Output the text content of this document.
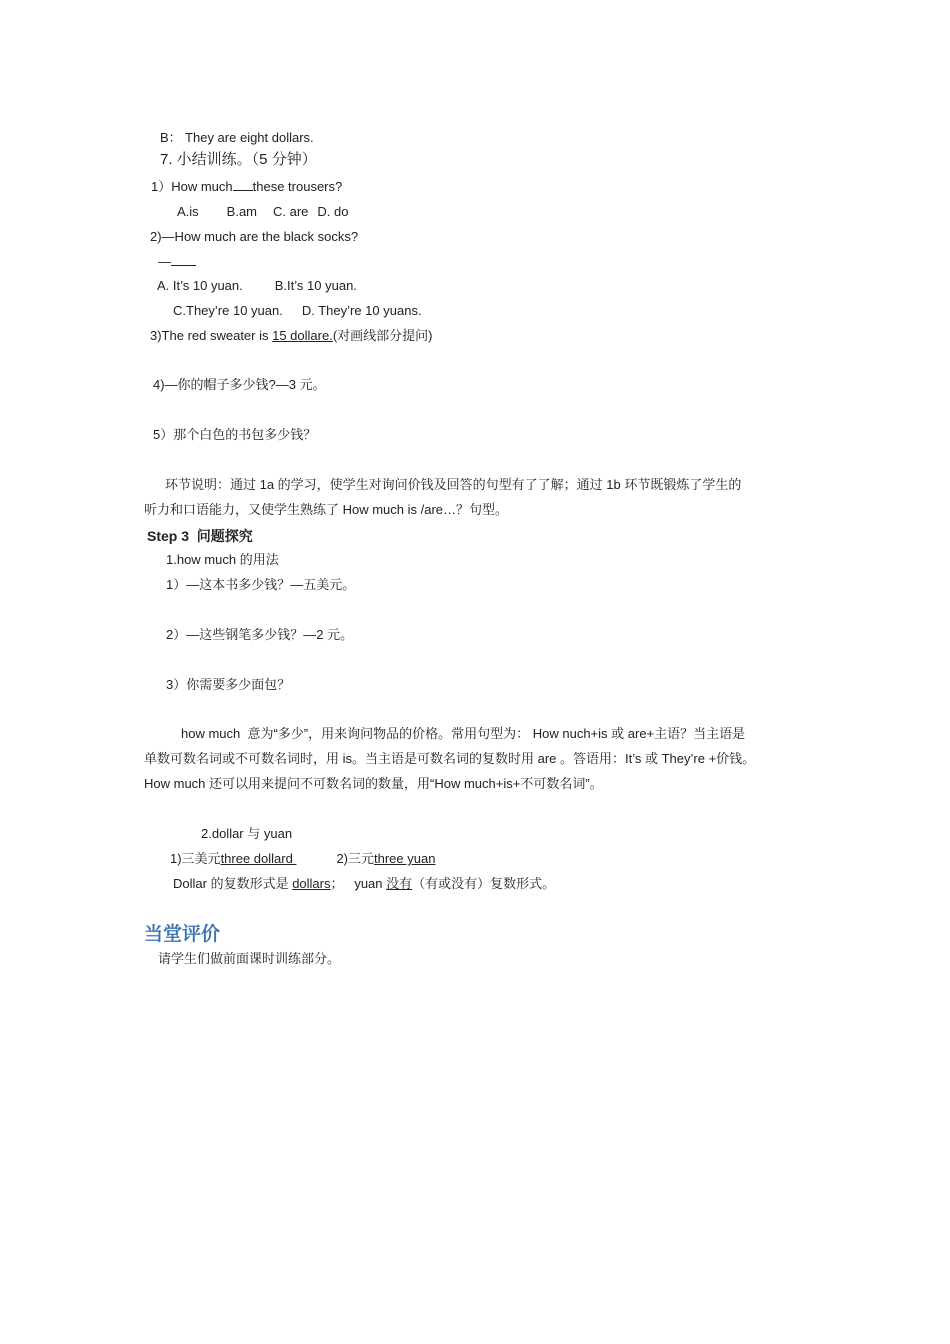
B： They are eight dollars.
7. 小结训练。（5 分钟）
1）How much these trousers?
A.is B.am C. are D. do
2)—How much are the black socks?
—
A. It’s 10 yuan. B.It’s 10 yuan.
C.They’re 10 yuan. D. They’re 10 yuans.
3)The red sweater is 15 dollare.(对画线部分提问)
4)—你的帽子多少钱?—3 元。
5）那个白色的书包多少钱？
环节说明：通过 1a 的学习，使学生对询问价钱及回答的句型有了了解；通过 1b 环节既锻炼了学生的
听力和口语能力，又使学生熟练了 How much is /are…？句型。
Step 3  问题探究
1.how much 的用法
1）—这本书多少钱？—五美元。
2）—这些钢笔多少钱？—2 元。
3）你需要多少面包？
how much  意为“多少”，用来询问物品的价格。常用句型为： How nuch+is 或 are+主语？当主语是
单数可数名词或不可数名词时，用 is。当主语是可数名词的复数时用 are 。答语用：It’s 或 They’re +价钱。
How much 还可以用来提问不可数名词的数量，用“How much+is+不可数名词”。
2.dollar 与 yuan
1)三美元three dollard	2)三元three yuan
Dollar 的复数形式是 dollars；   yuan 没有（有或没有）复数形式。
当堂评价
请学生们做前面课时训练部分。
